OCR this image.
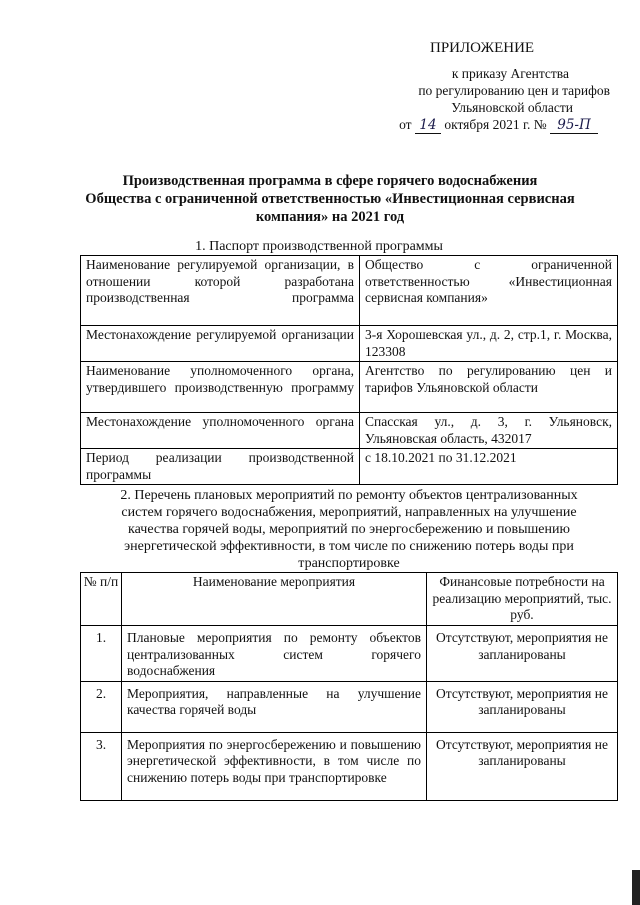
ПРИЛОЖЕНИЕ
к приказу Агентства
по регулированию цен и тарифов
Ульяновской области
от 14 октября 2021 г. № 95-П
Производственная программа в сфере горячего водоснабжения
Общества с ограниченной ответственностью «Инвестиционная сервисная
компания» на 2021 год
1. Паспорт производственной программы
Наименование регулируемой организации, в отношении которой разработана производственная программа	Общество с ограниченной ответственностью «Инвестиционная сервисная компания»
Местонахождение регулируемой организации	3-я Хорошевская ул., д. 2, стр.1, г. Москва, 123308
Наименование уполномоченного органа, утвердившего производственную программу	Агентство по регулированию цен и тарифов Ульяновской области
Местонахождение уполномоченного органа	Спасская ул., д. 3, г. Ульяновск, Ульяновская область, 432017
Период реализации производственной программы	с 18.10.2021 по 31.12.2021
2. Перечень плановых мероприятий по ремонту объектов централизованных
систем горячего водоснабжения, мероприятий, направленных на улучшение
качества горячей воды, мероприятий по энергосбережению и повышению
энергетической эффективности, в том числе по снижению потерь воды при
транспортировке
№ п/п	Наименование мероприятия	Финансовые потребности на реализацию мероприятий, тыс. руб.
1.	Плановые мероприятия по ремонту объектов централизованных систем горячего водоснабжения	Отсутствуют, мероприятия не запланированы
2.	Мероприятия, направленные на улучшение качества горячей воды	Отсутствуют, мероприятия не запланированы
3.	Мероприятия по энергосбережению и повышению энергетической эффективности, в том числе по снижению потерь воды при транспортировке	Отсутствуют, мероприятия не запланированы
